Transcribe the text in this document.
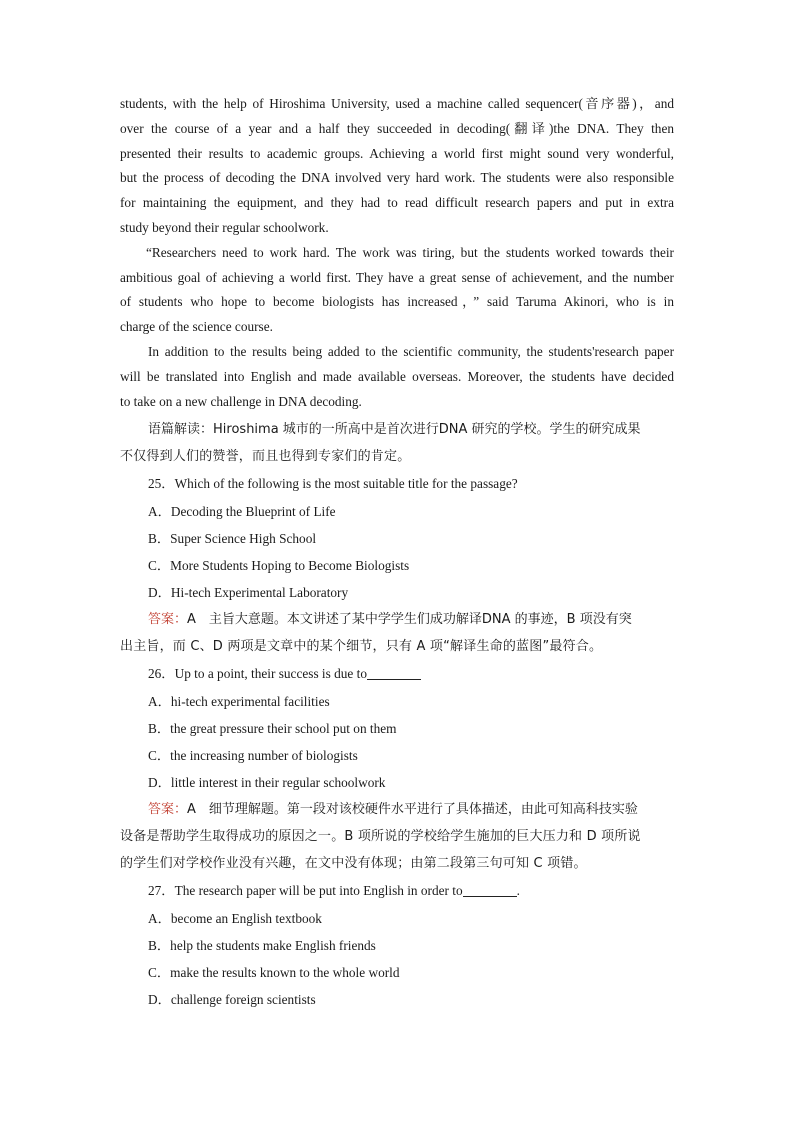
students, with the help of Hiroshima University, used a machine called sequencer(音序器)，and

over the course of a year and a half they succeeded in decoding(翻译)the DNA. They then

presented their results to academic groups. Achieving a world first might sound very wonderful,

but the process of decoding the DNA involved very hard work. The students were also responsible

for maintaining the equipment, and they had to read difficult research papers and put in extra

study beyond their regular schoolwork.

“Researchers need to work hard. The work was tiring, but the students worked towards their

ambitious goal of achieving a world first. They have a great sense of achievement, and the number

of students who hope to become biologists has increased，” said Taruma Akinori, who is in

charge of the science course.

In addition to the results being added to the scientific community, the students'research paper

will be translated into English and made available overseas. Moreover, the students have decided

to take on a new challenge in DNA decoding.

语篇解读：Hiroshima 城市的一所高中是首次进行DNA 研究的学校。学生的研究成果

不仅得到人们的赞誉，而且也得到专家们的肯定。

25．Which of the following is the most suitable title for the passage?

A．Decoding the Blueprint of Life

B．Super Science High School

C．More Students Hoping to Become Biologists

D．Hi-tech Experimental Laboratory

答案：A　主旨大意题。本文讲述了某中学学生们成功解译DNA 的事迹，B 项没有突

出主旨，而 C、D 两项是文章中的某个细节，只有 A 项“解译生命的蓝图”最符合。

26．Up to a point, their success is due to

A．hi-tech experimental facilities

B．the great pressure their school put on them

C．the increasing number of biologists

D．little interest in their regular schoolwork

答案：A　细节理解题。第一段对该校硬件水平进行了具体描述，由此可知高科技实验

设备是帮助学生取得成功的原因之一。B 项所说的学校给学生施加的巨大压力和 D 项所说

的学生们对学校作业没有兴趣，在文中没有体现；由第二段第三句可知 C 项错。

27．The research paper will be put into English in order to	.

A．become an English textbook

B．help the students make English friends

C．make the results known to the whole world

D．challenge foreign scientists
